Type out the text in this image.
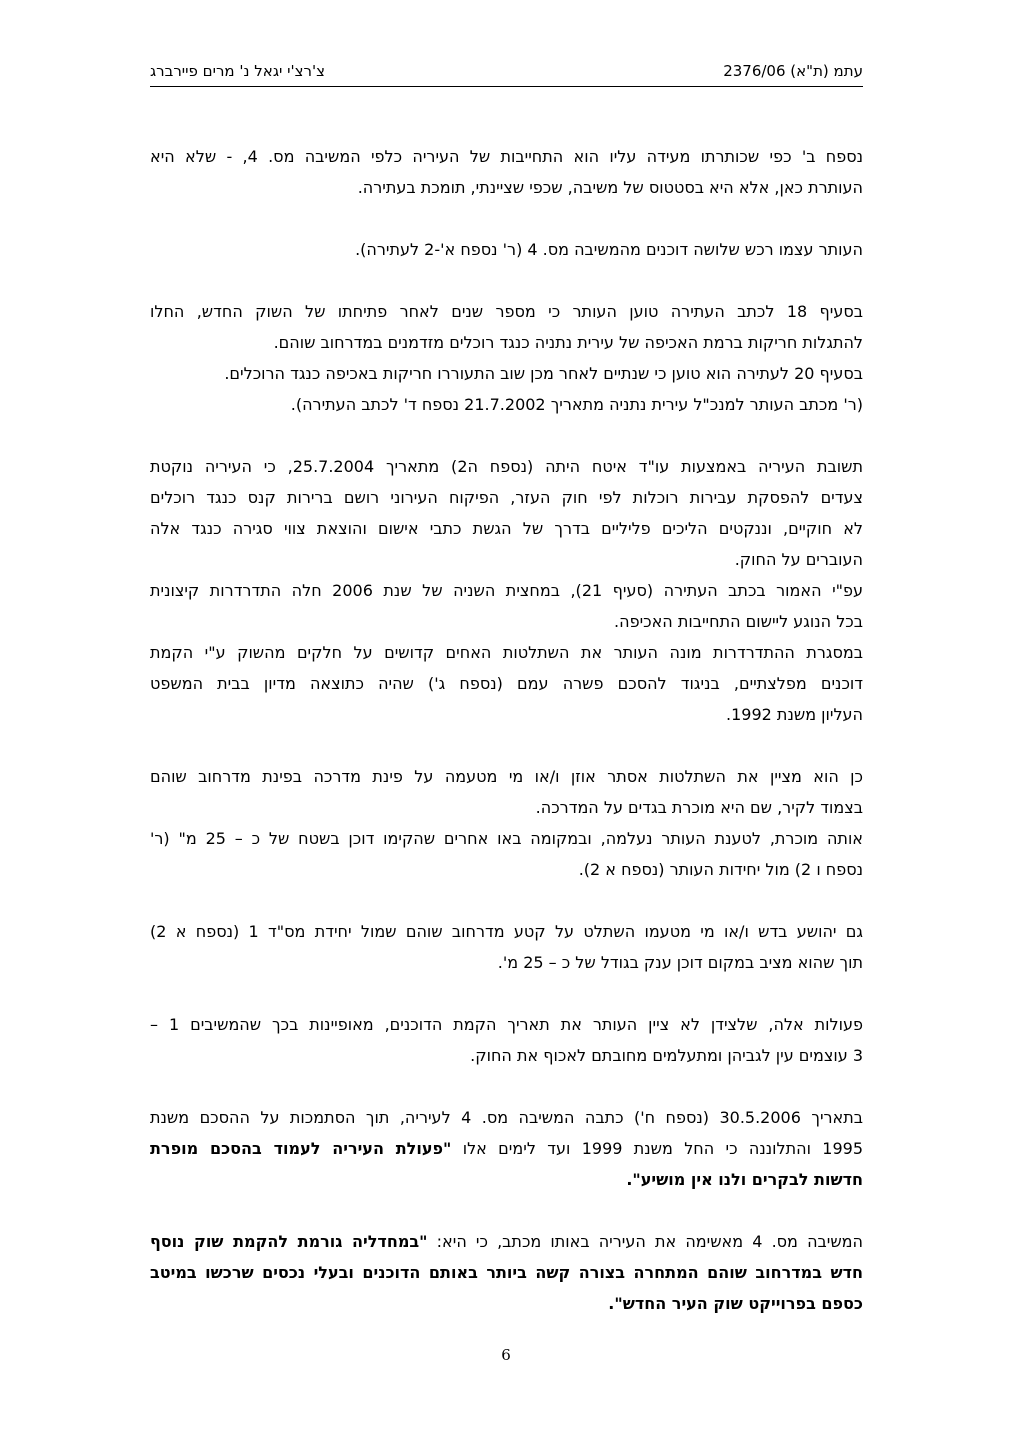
עתמ (ת"א) 2376/06
צ'רצ'י יגאל נ' מרים פיירברג
נספח ב' כפי שכותרתו מעידה עליו הוא התחייבות של העיריה כלפי המשיבה מס. 4, - שלא היא
העותרת כאן, אלא היא בסטטוס של משיבה, שכפי שציינתי, תומכת בעתירה.
העותר עצמו רכש שלושה דוכנים מהמשיבה מס. 4 (ר' נספח א'-2 לעתירה).
בסעיף 18 לכתב העתירה טוען העותר כי מספר שנים לאחר פתיחתו של השוק החדש, החלו
להתגלות חריקות ברמת האכיפה של עירית נתניה כנגד רוכלים מזדמנים במדרחוב שוהם.
בסעיף 20 לעתירה הוא טוען כי שנתיים לאחר מכן שוב התעוררו חריקות באכיפה כנגד הרוכלים.
(ר' מכתב העותר למנכ"ל עירית נתניה מתאריך 21.7.2002 נספח ד' לכתב העתירה).
תשובת העיריה באמצעות עו"ד איטח היתה (נספח ה2) מתאריך 25.7.2004, כי העיריה נוקטת
צעדים להפסקת עבירות רוכלות לפי חוק העזר, הפיקוח העירוני רושם ברירות קנס כנגד רוכלים
לא חוקיים, וננקטים הליכים פליליים בדרך של הגשת כתבי אישום והוצאת צווי סגירה כנגד אלה
העוברים על החוק.
עפ"י האמור בכתב העתירה (סעיף 21), במחצית השניה של שנת 2006 חלה התדרדרות קיצונית
בכל הנוגע ליישום התחייבות האכיפה.
במסגרת ההתדרדרות מונה העותר את השתלטות האחים קדושים על חלקים מהשוק ע"י הקמת
דוכנים מפלצתיים, בניגוד להסכם פשרה עמם (נספח ג') שהיה כתוצאה מדיון בבית המשפט
העליון משנת 1992.
כן הוא מציין את השתלטות אסתר אוזן ו/או מי מטעמה על פינת מדרכה בפינת מדרחוב שוהם
בצמוד לקיר, שם היא מוכרת בגדים על המדרכה.
אותה מוכרת, לטענת העותר נעלמה, ובמקומה באו אחרים שהקימו דוכן בשטח של כ – 25 מ" (ר'
נספח ו 2) מול יחידות העותר (נספח א 2).
גם יהושע בדש ו/או מי מטעמו השתלט על קטע מדרחוב שוהם שמול יחידת מס"ד 1 (נספח א 2)
תוך שהוא מציב במקום דוכן ענק בגודל של כ – 25 מ'.
פעולות אלה, שלצידן לא ציין העותר את תאריך הקמת הדוכנים, מאופיינות בכך שהמשיבים 1 –
3 עוצמים עין לגביהן ומתעלמים מחובתם לאכוף את החוק.
בתאריך 30.5.2006 (נספח ח') כתבה המשיבה מס. 4 לעיריה, תוך הסתמכות על ההסכם משנת
1995 והתלוננה כי החל משנת 1999 ועד לימים אלו "פעולת העיריה לעמוד בהסכם מופרת
חדשות לבקרים ולנו אין מושיע".
המשיבה מס. 4 מאשימה את העיריה באותו מכתב, כי היא: "במחדליה גורמת להקמת שוק נוסף
חדש במדרחוב שוהם המתחרה בצורה קשה ביותר באותם הדוכנים ובעלי נכסים שרכשו במיטב
כספם בפרוייקט שוק העיר החדש".
6
